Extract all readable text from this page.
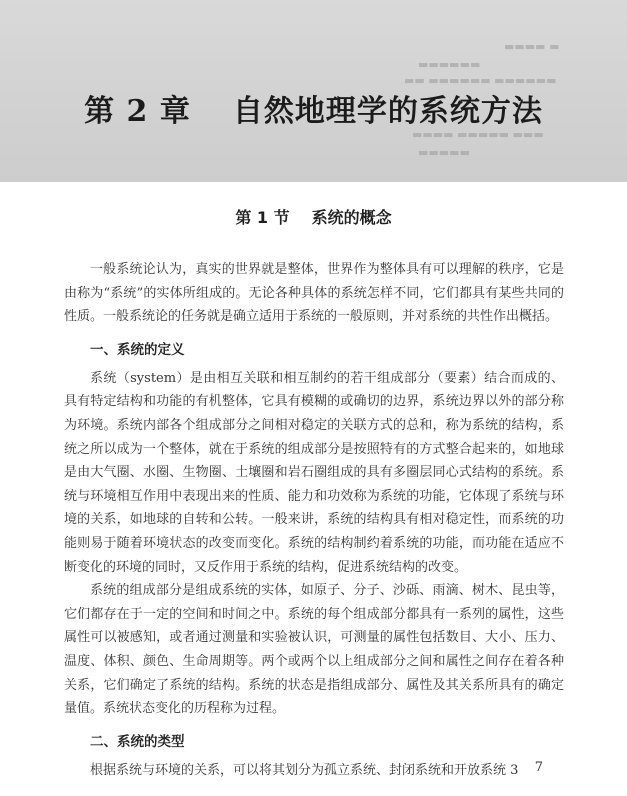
▬▬▬▬ ▬
▬▬▬▬▬▬
▬▬ ▬▬▬▬▬▬ ▬▬▬▬▬▬
▬▬▬▬ ▬▬▬▬▬ ▬▬▬
▬▬▬▬▬
第 2 章 自然地理学的系统方法
第 1 节 系统的概念

一般系统论认为，真实的世界就是整体，世界作为整体具有可以理解的秩序，它是由称为“系统”的实体所组成的。无论各种具体的系统怎样不同，它们都具有某些共同的性质。一般系统论的任务就是确立适用于系统的一般原则，并对系统的共性作出概括。

一、系统的定义

系统（system）是由相互关联和相互制约的若干组成部分（要素）结合而成的、具有特定结构和功能的有机整体，它具有模糊的或确切的边界，系统边界以外的部分称为环境。系统内部各个组成部分之间相对稳定的关联方式的总和，称为系统的结构，系统之所以成为一个整体，就在于系统的组成部分是按照特有的方式整合起来的，如地球是由大气圈、水圈、生物圈、土壤圈和岩石圈组成的具有多圈层同心式结构的系统。系统与环境相互作用中表现出来的性质、能力和功效称为系统的功能，它体现了系统与环境的关系，如地球的自转和公转。一般来讲，系统的结构具有相对稳定性，而系统的功能则易于随着环境状态的改变而变化。系统的结构制约着系统的功能，而功能在适应不断变化的环境的同时，又反作用于系统的结构，促进系统结构的改变。

系统的组成部分是组成系统的实体，如原子、分子、沙砾、雨滴、树木、昆虫等，它们都存在于一定的空间和时间之中。系统的每个组成部分都具有一系列的属性，这些属性可以被感知，或者通过测量和实验被认识，可测量的属性包括数目、大小、压力、温度、体积、颜色、生命周期等。两个或两个以上组成部分之间和属性之间存在着各种关系，它们确定了系统的结构。系统的状态是指组成部分、属性及其关系所具有的确定量值。系统状态变化的历程称为过程。

二、系统的类型

根据系统与环境的关系，可以将其划分为孤立系统、封闭系统和开放系统 3	7
